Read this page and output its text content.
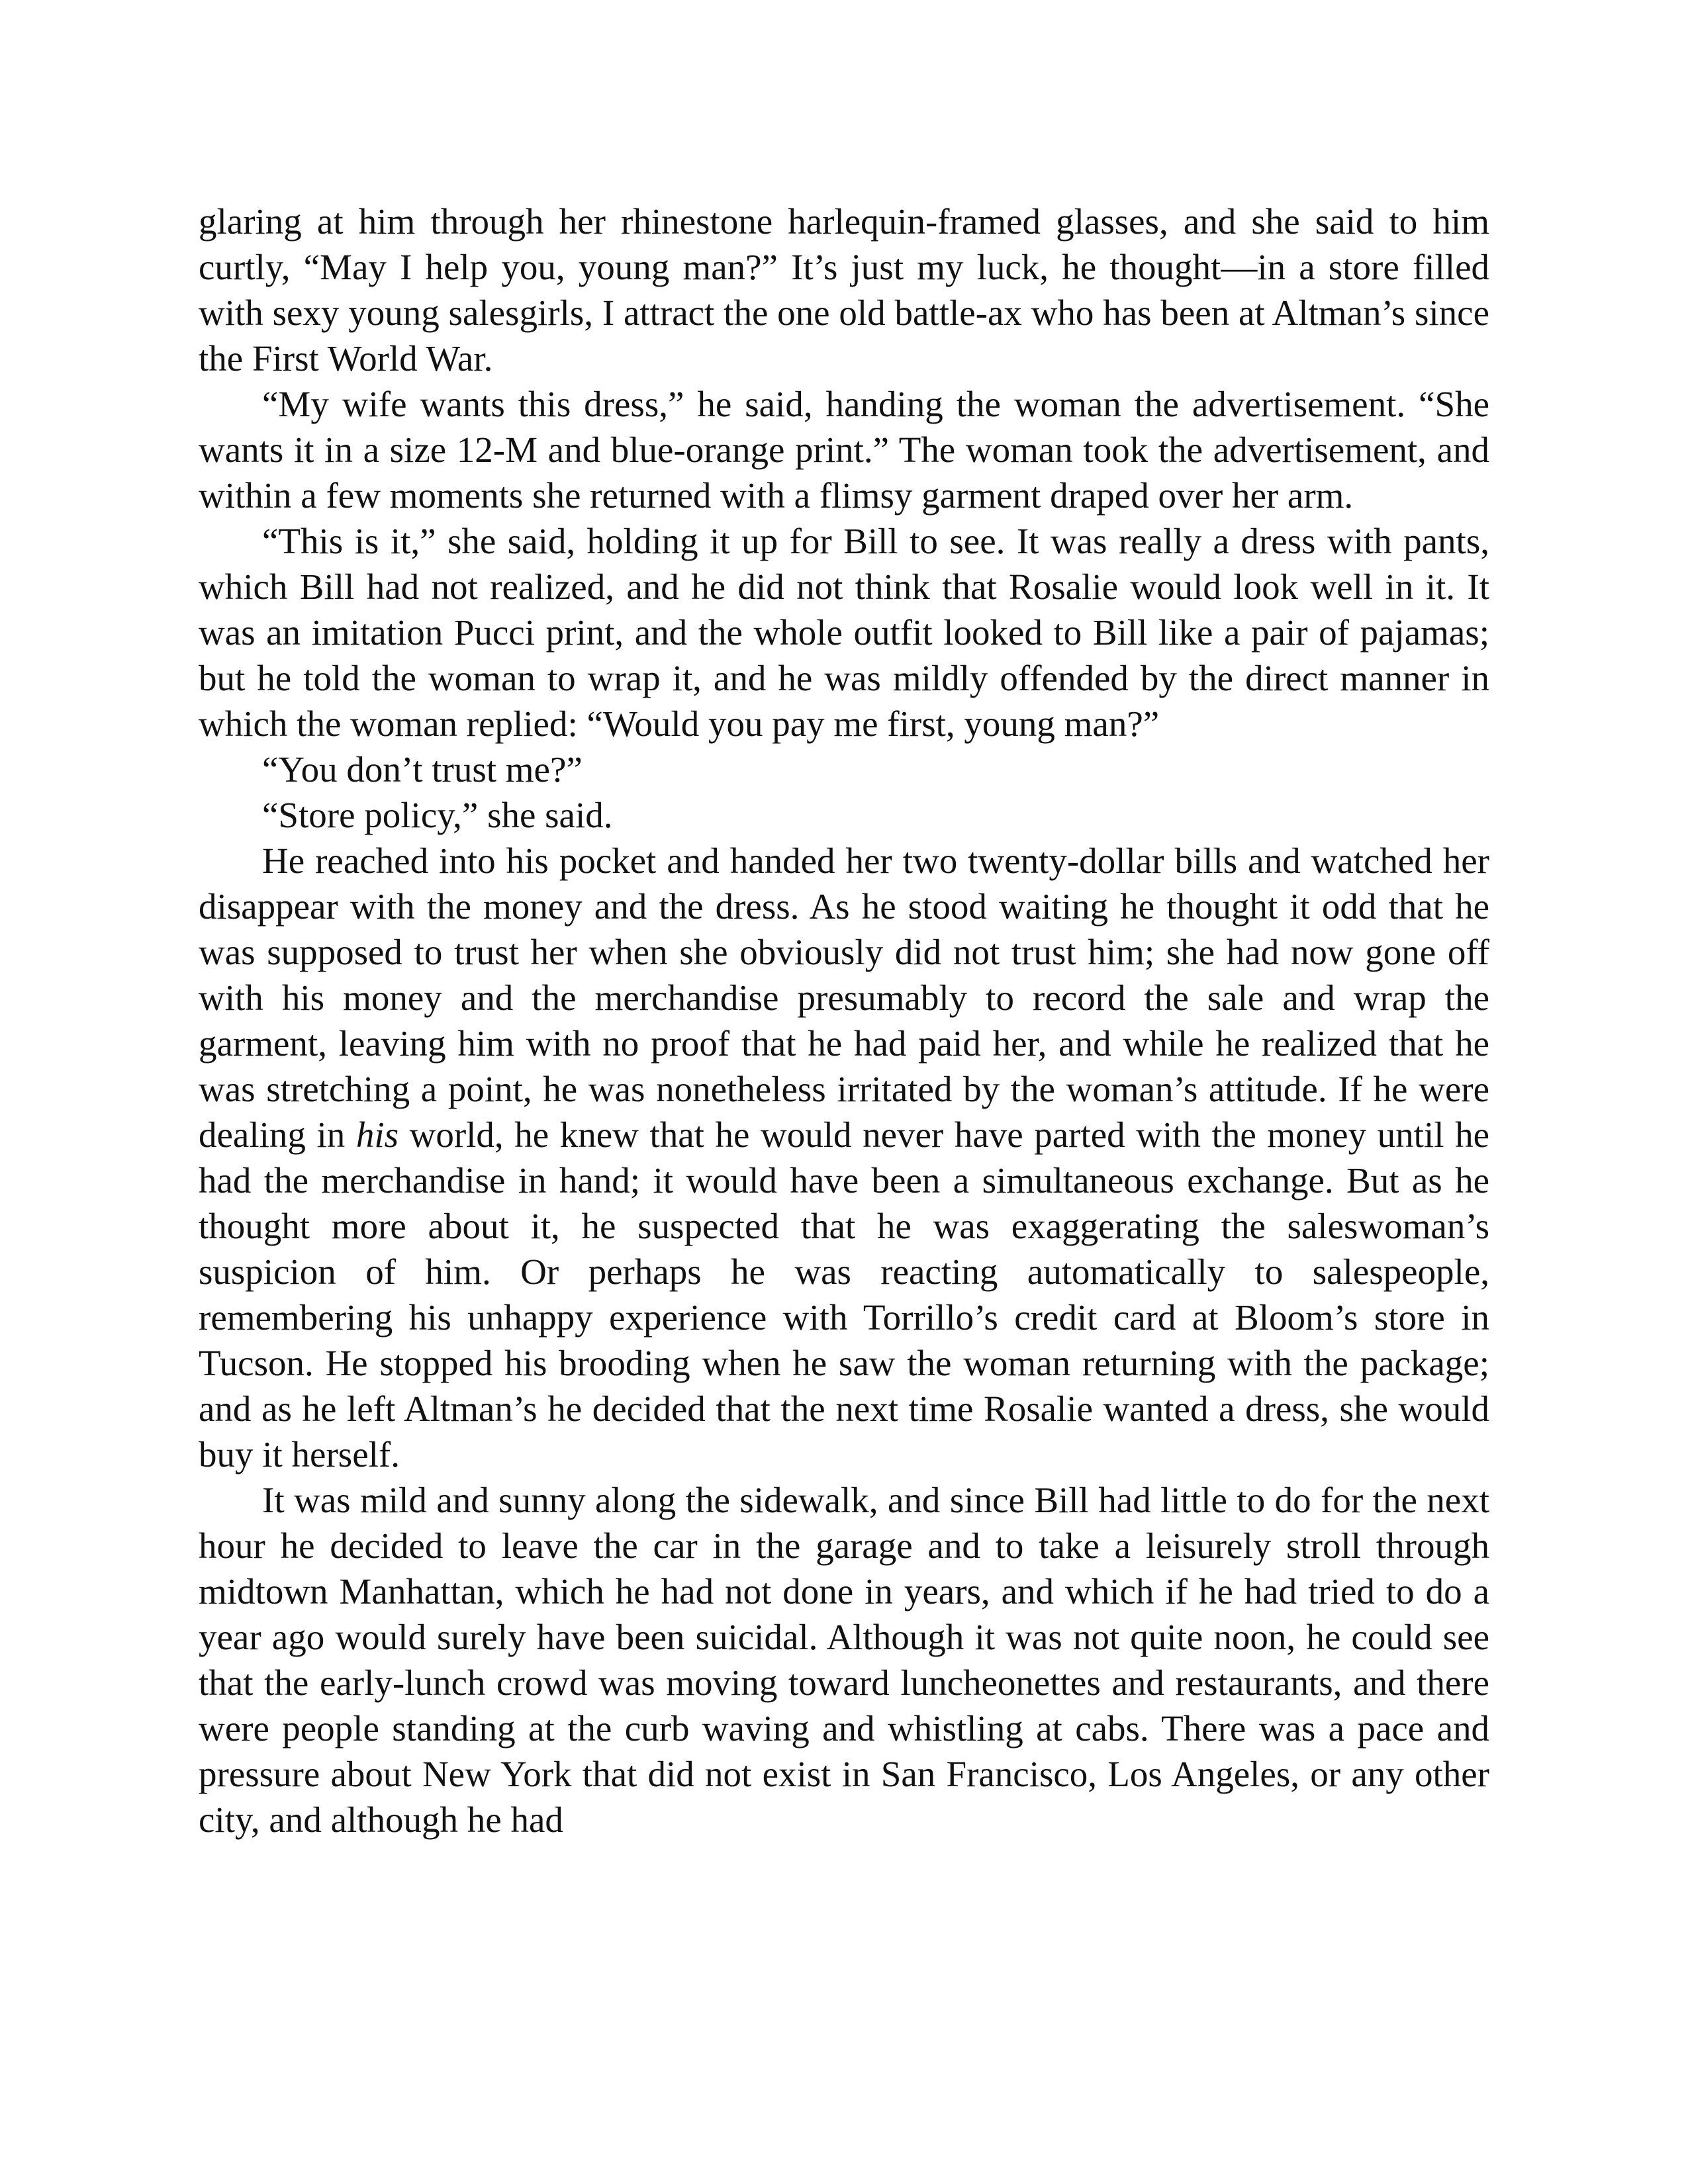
glaring at him through her rhinestone harlequin-framed glasses, and she said to him curtly, “May I help you, young man?” It’s just my luck, he thought—in a store filled with sexy young salesgirls, I attract the one old battle-ax who has been at Altman’s since the First World War.

“My wife wants this dress,” he said, handing the woman the advertisement. “She wants it in a size 12-M and blue-orange print.” The woman took the advertisement, and within a few moments she returned with a flimsy garment draped over her arm.

“This is it,” she said, holding it up for Bill to see. It was really a dress with pants, which Bill had not realized, and he did not think that Rosalie would look well in it. It was an imitation Pucci print, and the whole outfit looked to Bill like a pair of pajamas; but he told the woman to wrap it, and he was mildly offended by the direct manner in which the woman replied: “Would you pay me first, young man?”

“You don’t trust me?”

“Store policy,” she said.

He reached into his pocket and handed her two twenty-dollar bills and watched her disappear with the money and the dress. As he stood waiting he thought it odd that he was supposed to trust her when she obviously did not trust him; she had now gone off with his money and the merchandise presumably to record the sale and wrap the garment, leaving him with no proof that he had paid her, and while he realized that he was stretching a point, he was nonetheless irritated by the woman’s attitude. If he were dealing in his world, he knew that he would never have parted with the money until he had the merchandise in hand; it would have been a simultaneous exchange. But as he thought more about it, he suspected that he was exaggerating the saleswoman’s suspicion of him. Or perhaps he was reacting automatically to salespeople, remembering his unhappy experience with Torrillo’s credit card at Bloom’s store in Tucson. He stopped his brooding when he saw the woman returning with the package; and as he left Altman’s he decided that the next time Rosalie wanted a dress, she would buy it herself.

It was mild and sunny along the sidewalk, and since Bill had little to do for the next hour he decided to leave the car in the garage and to take a leisurely stroll through midtown Manhattan, which he had not done in years, and which if he had tried to do a year ago would surely have been suicidal. Although it was not quite noon, he could see that the early-lunch crowd was moving toward luncheonettes and restaurants, and there were people standing at the curb waving and whistling at cabs. There was a pace and pressure about New York that did not exist in San Francisco, Los Angeles, or any other city, and although he had
